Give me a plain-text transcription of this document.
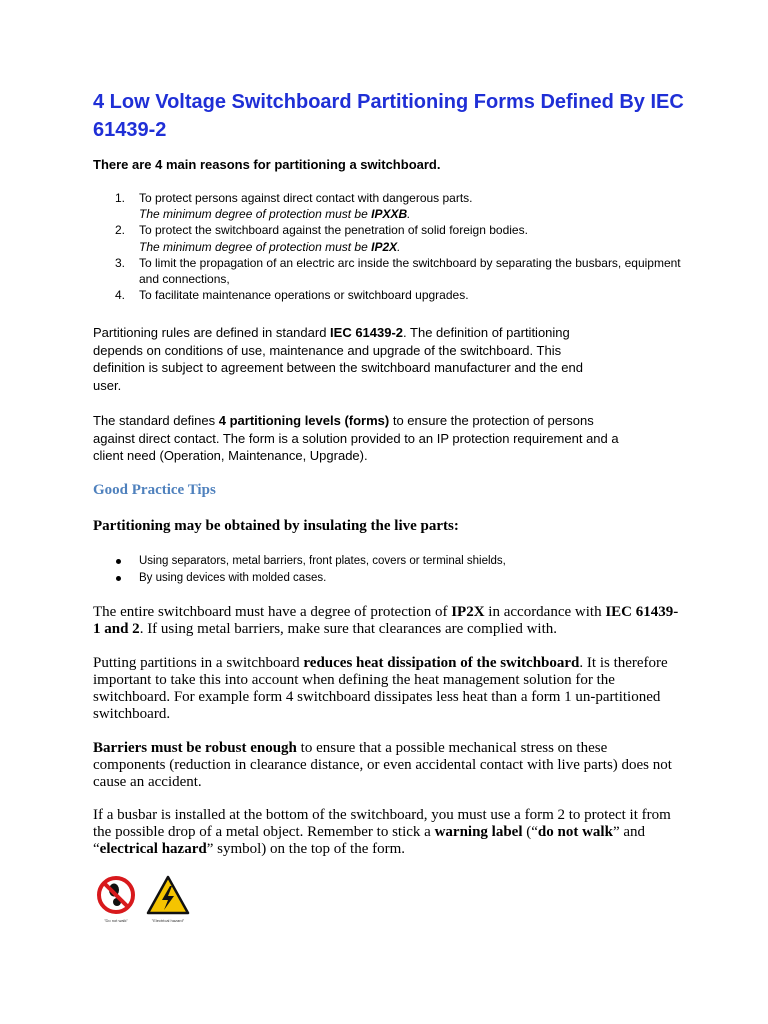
4 Low Voltage Switchboard Partitioning Forms Defined By IEC 61439-2

There are 4 main reasons for partitioning a switchboard.

1. To protect persons against direct contact with dangerous parts.
The minimum degree of protection must be IPXXB.
2. To protect the switchboard against the penetration of solid foreign bodies.
The minimum degree of protection must be IP2X.
3. To limit the propagation of an electric arc inside the switchboard by separating the busbars, equipment and connections,
4. To facilitate maintenance operations or switchboard upgrades.

Partitioning rules are defined in standard IEC 61439-2. The definition of partitioning depends on conditions of use, maintenance and upgrade of the switchboard. This definition is subject to agreement between the switchboard manufacturer and the end user.

The standard defines 4 partitioning levels (forms) to ensure the protection of persons against direct contact. The form is a solution provided to an IP protection requirement and a client need (Operation, Maintenance, Upgrade).

Good Practice Tips

Partitioning may be obtained by insulating the live parts:

Using separators, metal barriers, front plates, covers or terminal shields,
By using devices with molded cases.

The entire switchboard must have a degree of protection of IP2X in accordance with IEC 61439-1 and 2. If using metal barriers, make sure that clearances are complied with.

Putting partitions in a switchboard reduces heat dissipation of the switchboard. It is therefore important to take this into account when defining the heat management solution for the switchboard. For example form 4 switchboard dissipates less heat than a form 1 un-partitioned switchboard.

Barriers must be robust enough to ensure that a possible mechanical stress on these components (reduction in clearance distance, or even accidental contact with live parts) does not cause an accident.

If a busbar is installed at the bottom of the switchboard, you must use a form 2 to protect it from the possible drop of a metal object. Remember to stick a warning label (“do not walk” and “electrical hazard” symbol) on the top of the form.

"Do not walk"	"Electrical hazard"
